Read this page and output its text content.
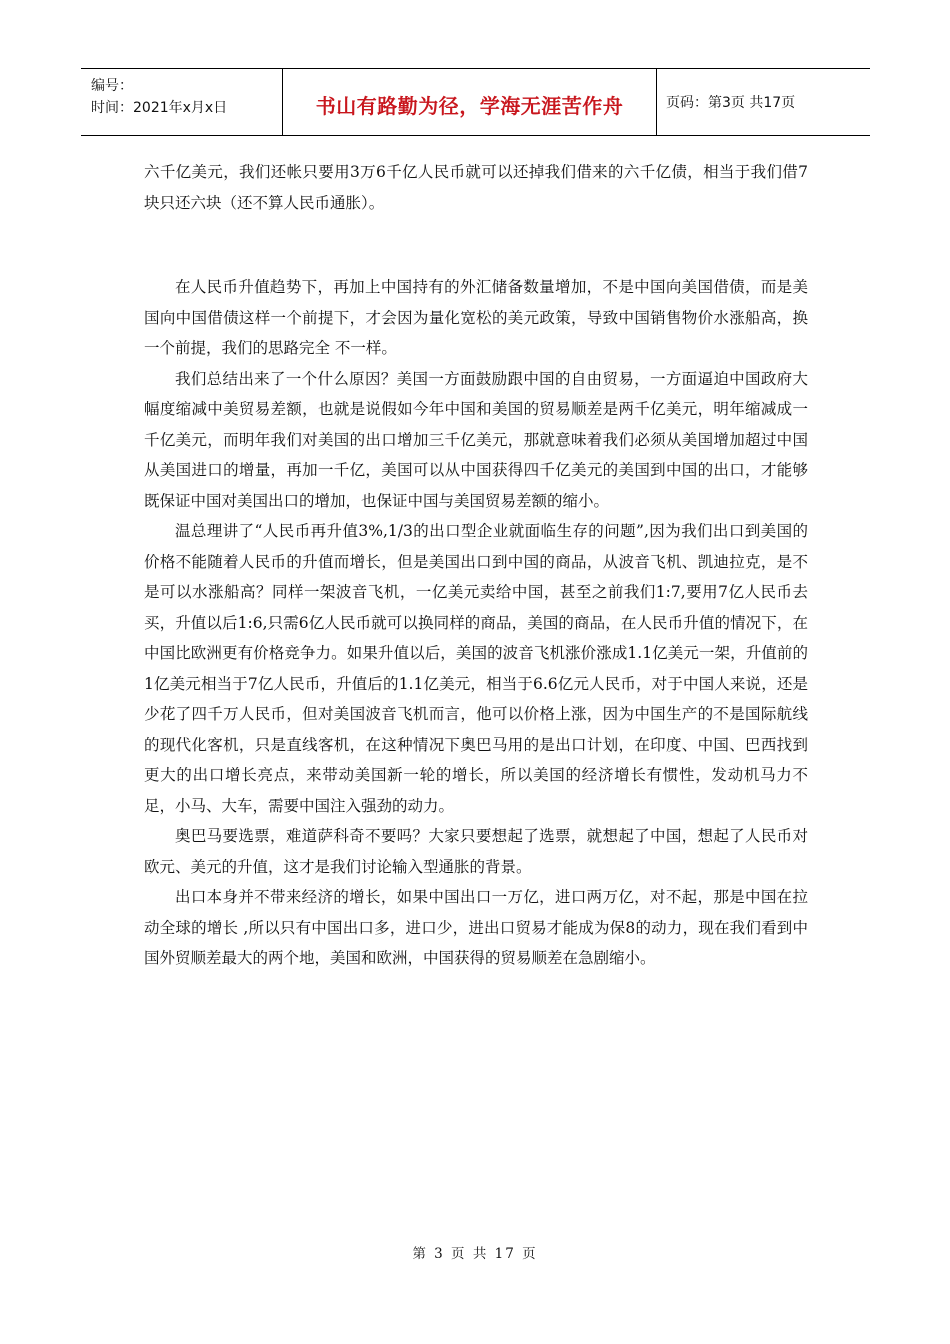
编号：
时间：2021年x月x日	书山有路勤为径，学海无涯苦作舟	页码：第3页 共17页

六千亿美元，我们还帐只要用3万6千亿人民币就可以还掉我们借来的六千亿债，相当于我们借7块只还六块（还不算人民币通胀）。

在人民币升值趋势下，再加上中国持有的外汇储备数量增加，不是中国向美国借债，而是美国向中国借债这样一个前提下，才会因为量化宽松的美元政策，导致中国销售物价水涨船高，换一个前提，我们的思路完全 不一样。

我们总结出来了一个什么原因？美国一方面鼓励跟中国的自由贸易，一方面逼迫中国政府大幅度缩减中美贸易差额，也就是说假如今年中国和美国的贸易顺差是两千亿美元，明年缩减成一千亿美元，而明年我们对美国的出口增加三千亿美元，那就意味着我们必须从美国增加超过中国从美国进口的增量，再加一千亿，美国可以从中国获得四千亿美元的美国到中国的出口，才能够既保证中国对美国出口的增加，也保证中国与美国贸易差额的缩小。

温总理讲了“人民币再升值3%,1/3的出口型企业就面临生存的问题”,因为我们出口到美国的价格不能随着人民币的升值而增长，但是美国出口到中国的商品，从波音飞机、凯迪拉克，是不是可以水涨船高？同样一架波音飞机，一亿美元卖给中国，甚至之前我们1:7,要用7亿人民币去买，升值以后1:6,只需6亿人民币就可以换同样的商品，美国的商品，在人民币升值的情况下，在中国比欧洲更有价格竞争力。如果升值以后，美国的波音飞机涨价涨成1.1亿美元一架，升值前的1亿美元相当于7亿人民币，升值后的1.1亿美元，相当于6.6亿元人民币，对于中国人来说，还是少花了四千万人民币，但对美国波音飞机而言，他可以价格上涨，因为中国生产的不是国际航线的现代化客机，只是直线客机，在这种情况下奥巴马用的是出口计划，在印度、中国、巴西找到更大的出口增长亮点，来带动美国新一轮的增长，所以美国的经济增长有惯性，发动机马力不足，小马、大车，需要中国注入强劲的动力。

奥巴马要选票，难道萨科奇不要吗？大家只要想起了选票，就想起了中国，想起了人民币对欧元、美元的升值，这才是我们讨论输入型通胀的背景。

出口本身并不带来经济的增长，如果中国出口一万亿，进口两万亿，对不起，那是中国在拉动全球的增长 ,所以只有中国出口多，进口少，进出口贸易才能成为保8的动力，现在我们看到中国外贸顺差最大的两个地，美国和欧洲，中国获得的贸易顺差在急剧缩小。

第 3 页 共 17 页
